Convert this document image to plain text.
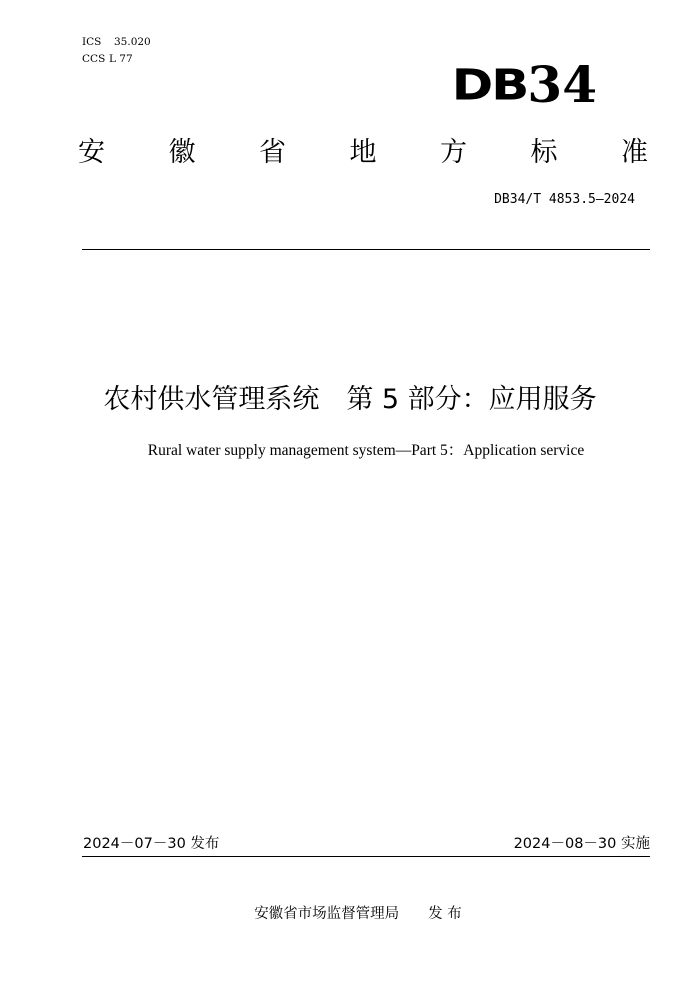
ICS 35.020
CCS L 77
DB34
安 徽 省 地 方 标 准
DB34/T 4853.5—2024
农村供水管理系统　第 5 部分：应用服务
Rural water supply management system—Part 5：Application service
2024－07－30 发布	2024－08－30 实施
安徽省市场监督管理局　　发 布
